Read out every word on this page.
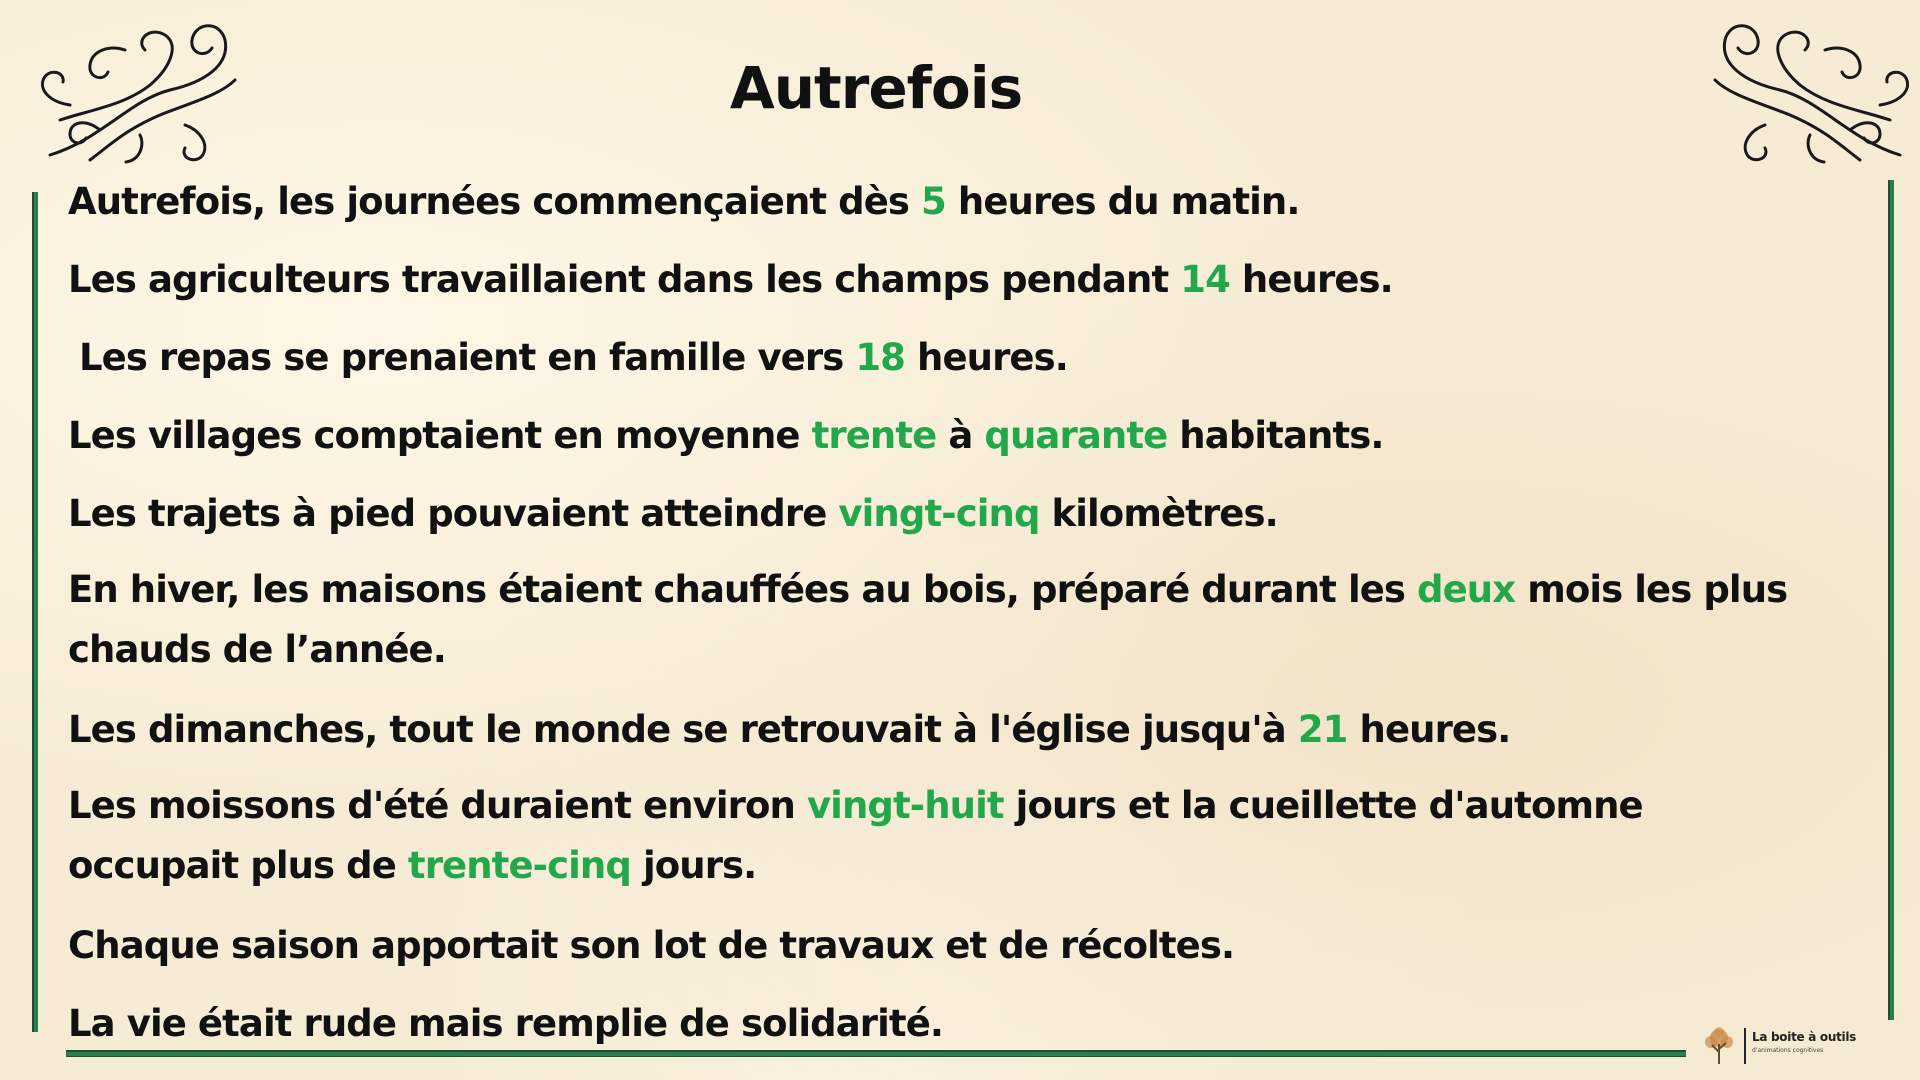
Autrefois

Autrefois, les journées commençaient dès 5 heures du matin.

Les agriculteurs travaillaient dans les champs pendant 14 heures.

Les repas se prenaient en famille vers 18 heures.

Les villages comptaient en moyenne trente à quarante habitants.

Les trajets à pied pouvaient atteindre vingt-cinq kilomètres.

En hiver, les maisons étaient chauffées au bois, préparé durant les deux mois les plus chauds de l’année.

Les dimanches, tout le monde se retrouvait à l'église jusqu'à 21 heures.

Les moissons d'été duraient environ vingt-huit jours et la cueillette d'automne occupait plus de trente-cinq jours.

Chaque saison apportait son lot de travaux et de récoltes.

La vie était rude mais remplie de solidarité.	La boite à outils
d'animations cognitives
